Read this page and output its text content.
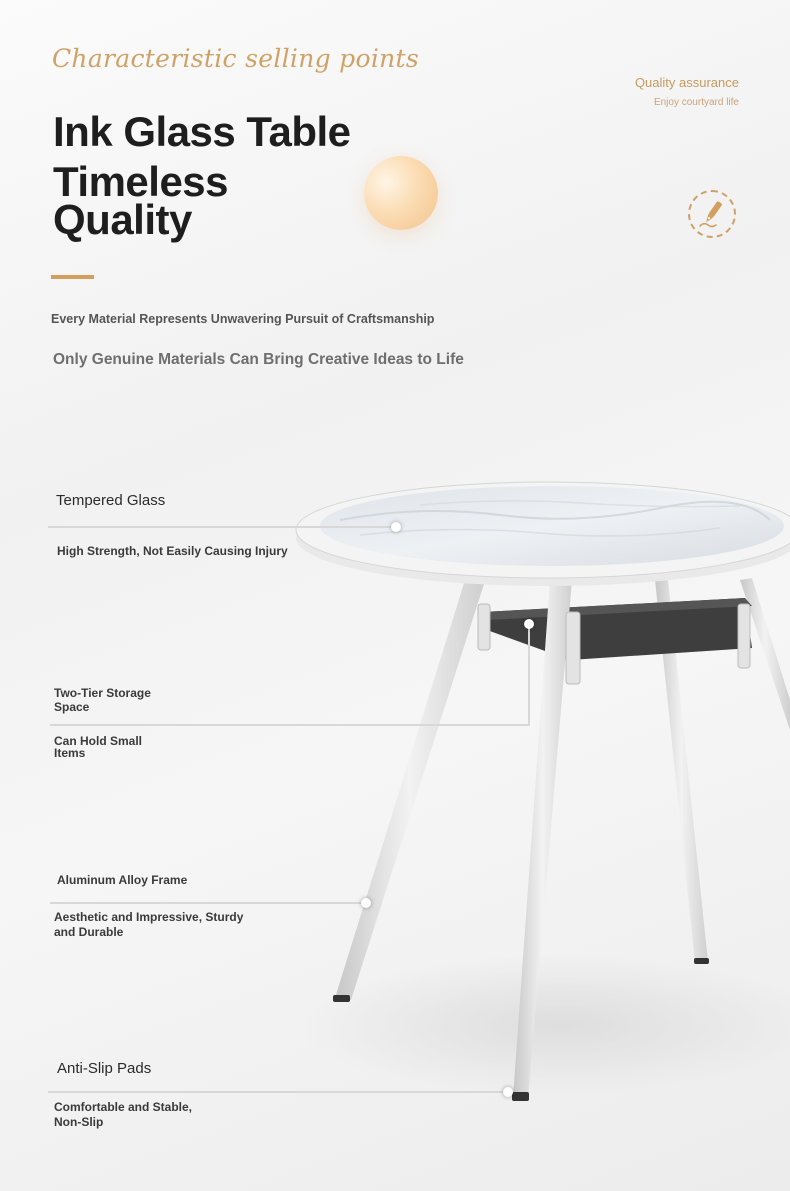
Characteristic selling points
Quality assurance
Enjoy courtyard life
Ink Glass Table
Timeless
Quality
Every Material Represents Unwavering Pursuit of Craftsmanship
Only Genuine Materials Can Bring Creative Ideas to Life
Tempered Glass
High Strength, Not Easily Causing Injury
Two-Tier Storage
Space
Can Hold Small
Items
Aluminum Alloy Frame
Aesthetic and Impressive, Sturdy
and Durable
Anti-Slip Pads
Comfortable and Stable,
Non-Slip
